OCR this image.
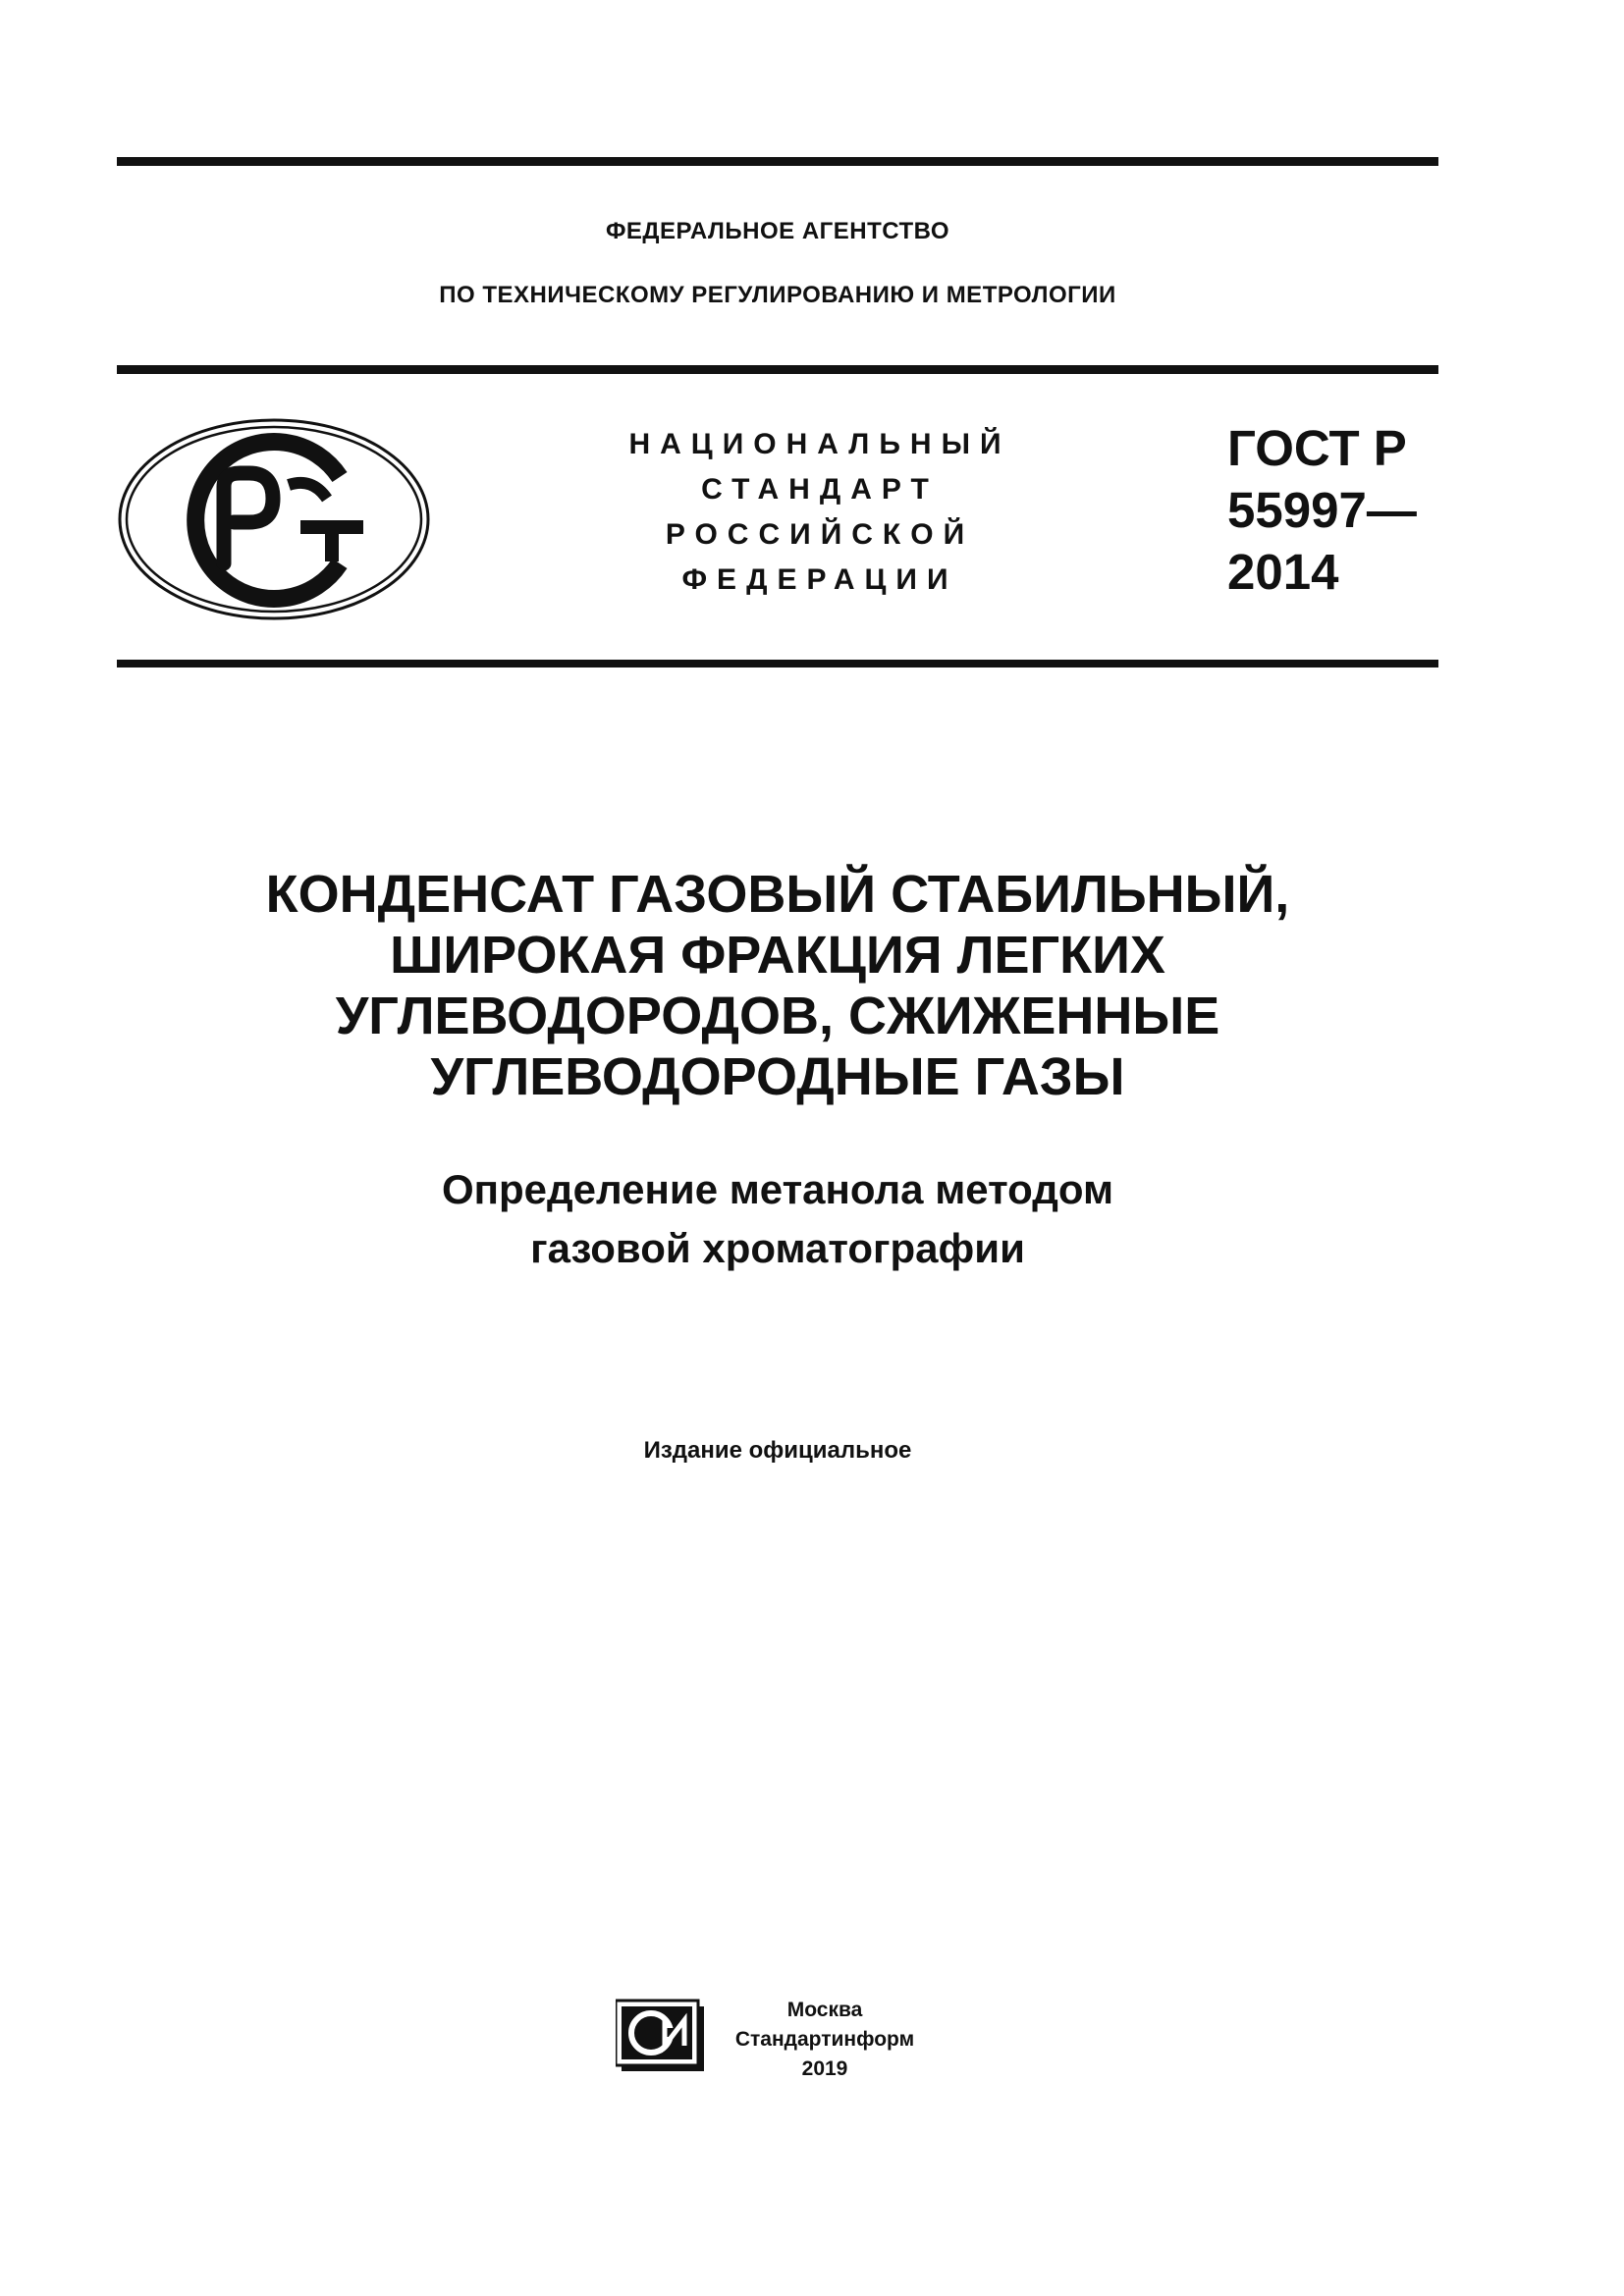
ФЕДЕРАЛЬНОЕ АГЕНТСТВО
ПО ТЕХНИЧЕСКОМУ РЕГУЛИРОВАНИЮ И МЕТРОЛОГИИ
НАЦИОНАЛЬНЫЙ
СТАНДАРТ
РОССИЙСКОЙ
ФЕДЕРАЦИИ
ГОСТ Р
55997—
2014
КОНДЕНСАТ ГАЗОВЫЙ СТАБИЛЬНЫЙ,
ШИРОКАЯ ФРАКЦИЯ ЛЕГКИХ
УГЛЕВОДОРОДОВ, СЖИЖЕННЫЕ
УГЛЕВОДОРОДНЫЕ ГАЗЫ
Определение метанола методом
газовой хроматографии
Издание официальное
Москва
Стандартинформ
2019
